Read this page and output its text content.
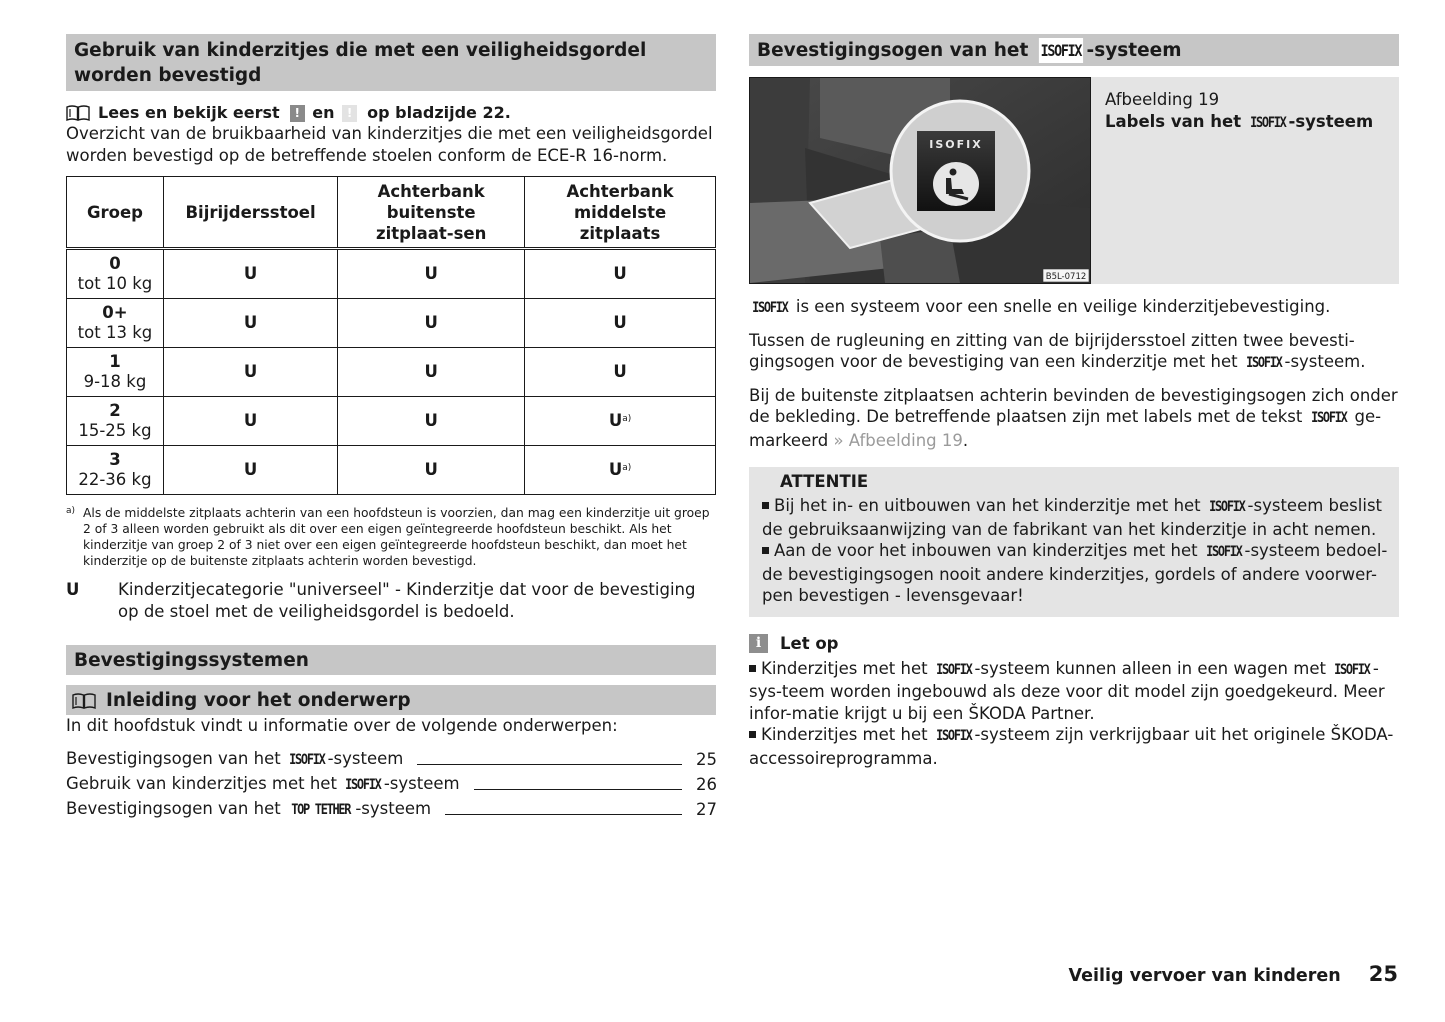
Gebruik van kinderzitjes die met een veiligheidsgordel worden bevestigd
Lees en bekijk eerst	! en ! op bladzijde 22.

Overzicht van de bruikbaarheid van kinderzitjes die met een veiligheidsgordel worden bevestigd op de betreffende stoelen conform de ECE-R 16-norm.

Groep	Bijrijdersstoel	Achterbank buitenste zitplaat-sen	Achterbank middelste zitplaats

0
tot 10 kg	U	U	U

0+
tot 13 kg	U	U	U

1
9-18 kg	U	U	U

2
15-25 kg	U	U	U$^{a)}$

3
22-36 kg	U	U	U$^{a)}$
a) Als de middelste zitplaats achterin van een hoofdsteun is voorzien, dan mag een kinderzitje uit groep 2 of 3 alleen worden gebruikt als dit over een eigen geïntegreerde hoofdsteun beschikt. Als het kinderzitje van groep 2 of 3 niet over een eigen geïntegreerde hoofdsteun beschikt, dan moet het kinderzitje op de buitenste zitplaats achterin worden bevestigd.
U	Kinderzitjecategorie "universeel" - Kinderzitje dat voor de bevestiging op de stoel met de veiligheidsgordel is bedoeld.
Bevestigingssystemen
Inleiding voor het onderwerp

In dit hoofdstuk vindt u informatie over de volgende onderwerpen:

Bevestigingsogen van het ISOFIX -systeem	25
Gebruik van kinderzitjes met het ISOFIX -systeem	26
Bevestigingsogen van het TOP TETHER -systeem	27
Bevestigingsogen van het ISOFIX -systeem
ISOFIX
B5L-0712
Afbeelding 19
Labels van het ISOFIX -systeem

ISOFIX is een systeem voor een snelle en veilige kinderzitjebevestiging.

Tussen de rugleuning en zitting van de bijrijdersstoel zitten twee bevesti-gingsogen voor de bevestiging van een kinderzitje met het ISOFIX -systeem.

Bij de buitenste zitplaatsen achterin bevinden de bevestigingsogen zich onder de bekleding. De betreffende plaatsen zijn met labels met de tekst ISOFIX ge-markeerd » Afbeelding 19.

ATTENTIE

Bij het in- en uitbouwen van het kinderzitje met het ISOFIX -systeem beslist de gebruiksaanwijzing van de fabrikant van het kinderzitje in acht nemen.

Aan de voor het inbouwen van kinderzitjes met het ISOFIX -systeem bedoel-de bevestigingsogen nooit andere kinderzitjes, gordels of andere voorwer-pen bevestigen - levensgevaar!

i	Let op

Kinderzitjes met het ISOFIX -systeem kunnen alleen in een wagen met ISOFIX -sys-teem worden ingebouwd als deze voor dit model zijn goedgekeurd. Meer infor-matie krijgt u bij een ŠKODA Partner.

Kinderzitjes met het ISOFIX -systeem zijn verkrijgbaar uit het originele ŠKODA-accessoireprogramma.

Veilig vervoer van kinderen 25
